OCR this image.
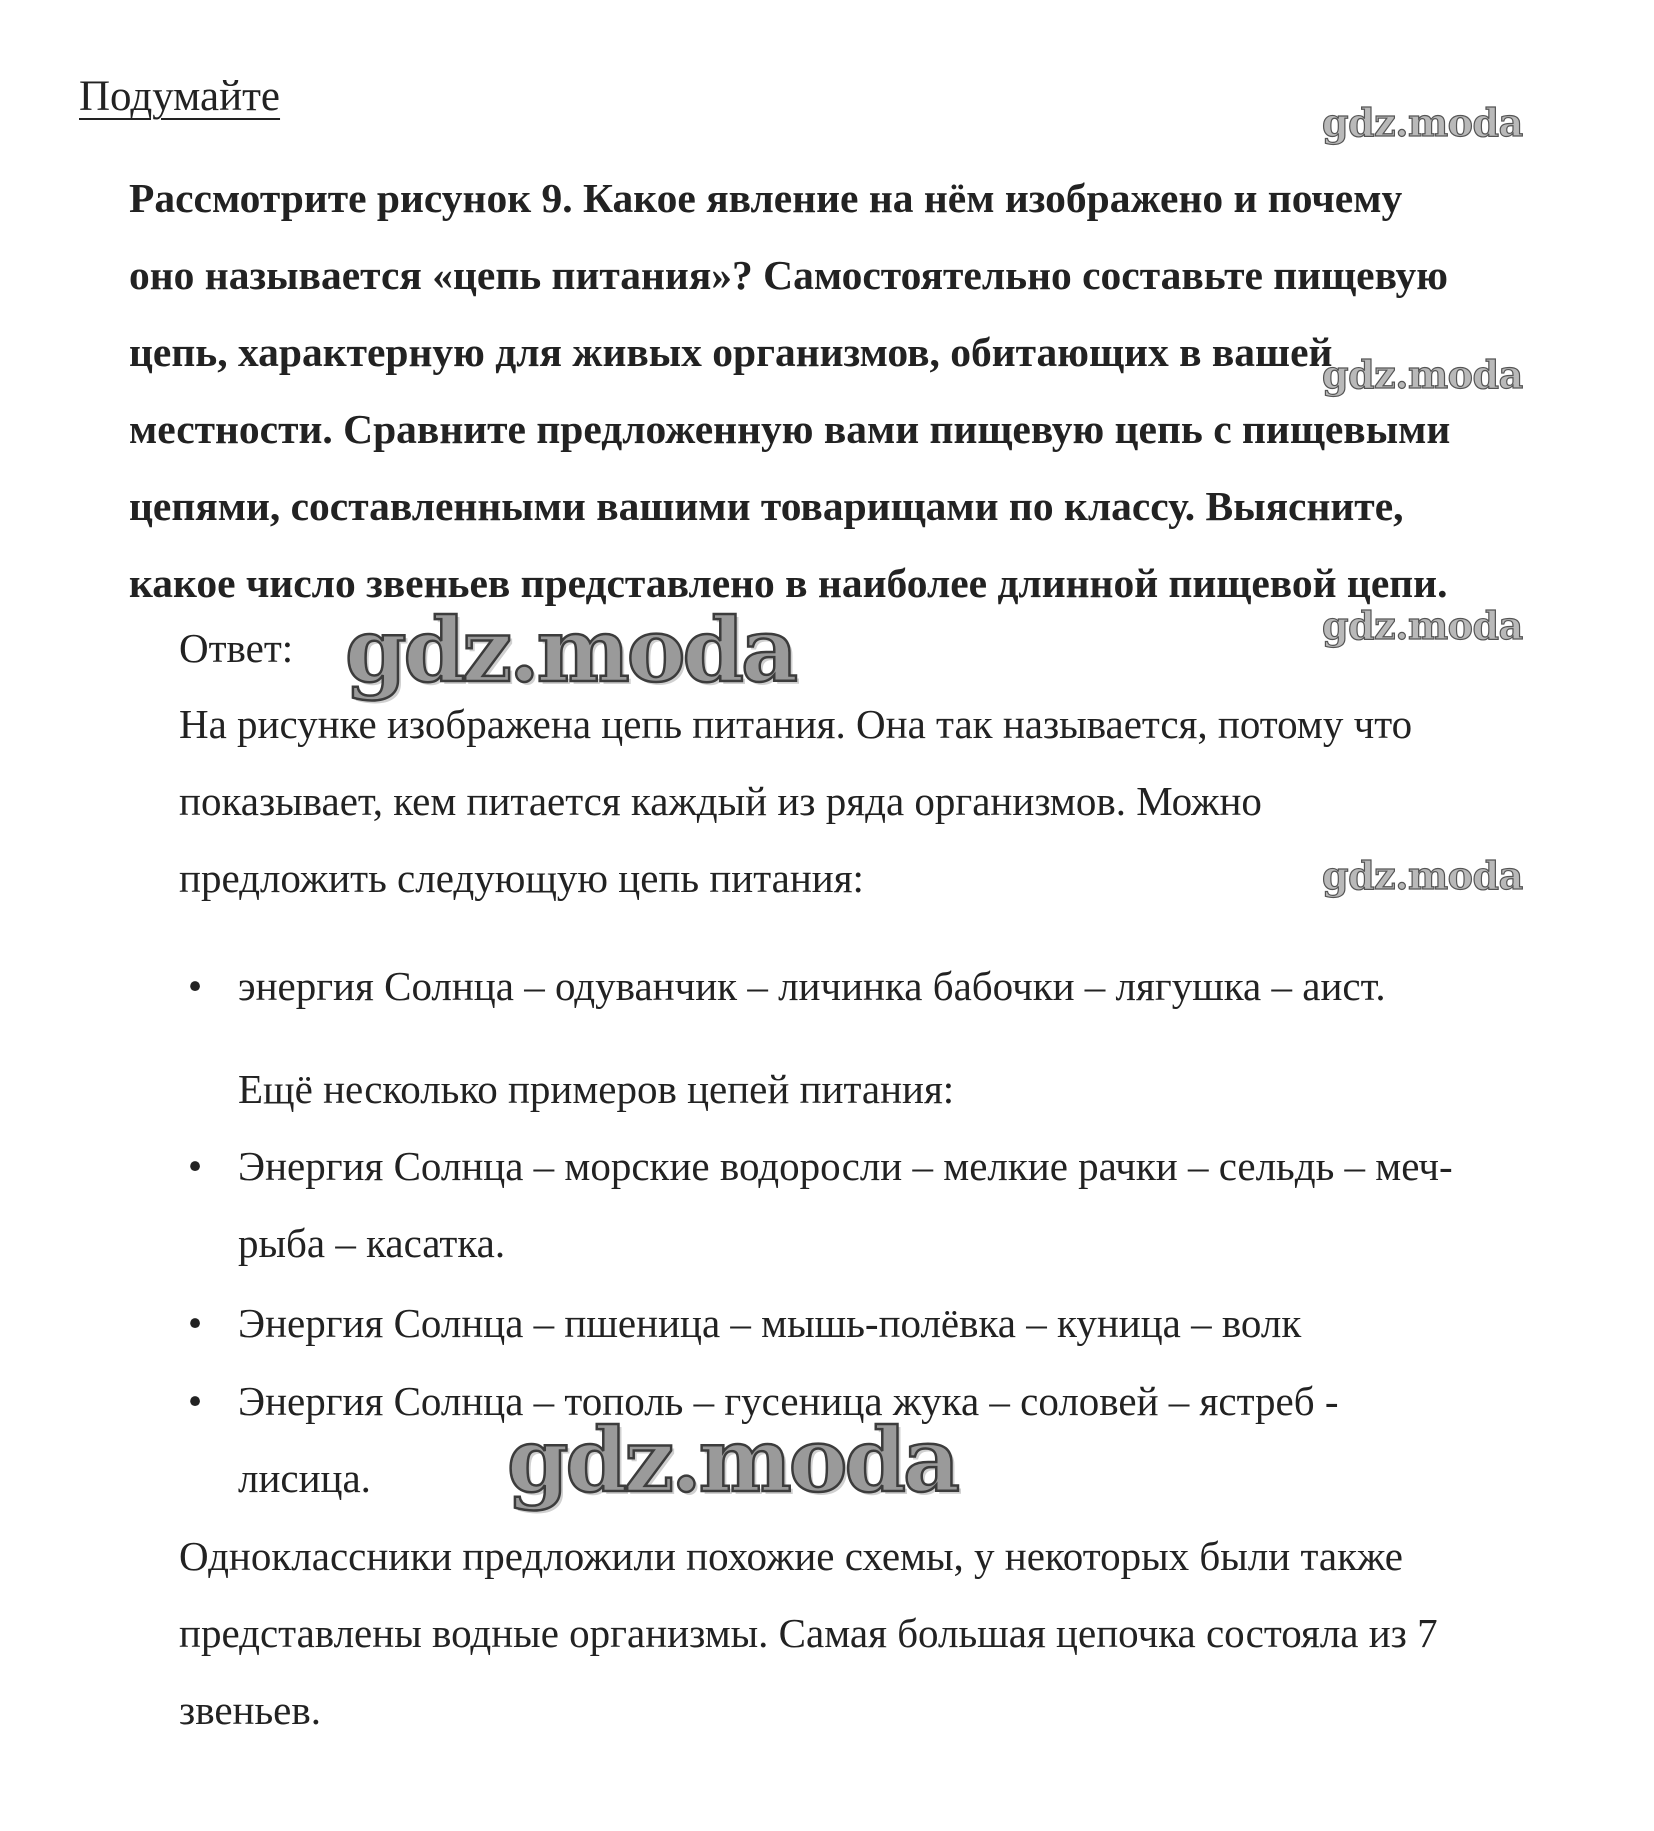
Подумайте
Рассмотрите рисунок 9. Какое явление на нём изображено и почему
оно называется «цепь питания»? Самостоятельно составьте пищевую
цепь, характерную для живых организмов, обитающих в вашей
местности. Сравните предложенную вами пищевую цепь с пищевыми
цепями, составленными вашими товарищами по классу. Выясните,
какое число звеньев представлено в наиболее длинной пищевой цепи.
Ответ:
На рисунке изображена цепь питания. Она так называется, потому что
показывает, кем питается каждый из ряда организмов. Можно
предложить следующую цепь питания:
• энергия Солнца – одуванчик – личинка бабочки – лягушка – аист.
Ещё несколько примеров цепей питания:
• Энергия Солнца – морские водоросли – мелкие рачки – сельдь – меч-
рыба – касатка.
• Энергия Солнца – пшеница – мышь-полёвка – куница – волк
• Энергия Солнца – тополь – гусеница жука – соловей – ястреб -
лисица.
Одноклассники предложили похожие схемы, у некоторых были также
представлены водные организмы. Самая большая цепочка состояла из 7
звеньев.
gdz.moda
gdz.moda
gdz.moda
gdz.moda
gdz.moda
gdz.moda
